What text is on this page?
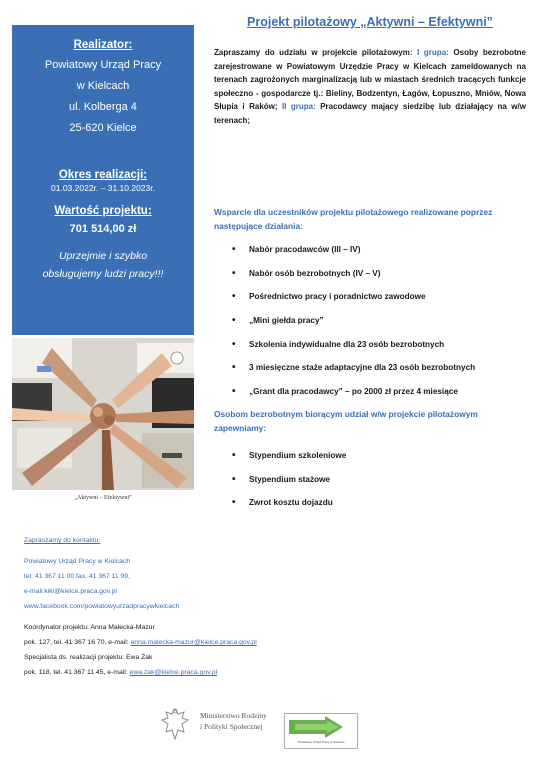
Projekt pilotażowy „Aktywni – Efektywni”
Realizator:
Powiatowy Urząd Pracy
w Kielcach
ul. Kolberga 4
25-620 Kielce
Okres realizacji:
01.03.2022r. – 31.10.2023r.
Wartość projektu:
701 514,00 zł
Uprzejmie i szybko
obsługujemy ludzi pracy!!!
„Aktywni – Efektywni”
Zapraszamy do udziału w projekcie pilotażowym: I grupa: Osoby bezrobotne zarejestrowane w Powiatowym Urzędzie Pracy w Kielcach zameldowanych na terenach zagrożonych marginalizacją lub w miastach średnich tracących funkcje społeczno - gospodarcze tj.: Bieliny, Bodzentyn, Łagów, Łopuszno, Mniów, Nowa Słupia i Raków; II grupa: Pracodawcy mający siedzibę lub działający na w/w terenach;
Wsparcie dla uczestników projektu pilotażowego realizowane poprzez następujące działania:
• Nabór pracodawców (III – IV)
• Nabór osób bezrobotnych (IV – V)
• Pośrednictwo pracy i poradnictwo zawodowe
• „Mini giełda pracy”
• Szkolenia indywidualne dla 23 osób bezrobotnych
• 3 miesięczne staże adaptacyjne dla 23 osób bezrobotnych
• „Grant dla pracodawcy” – po 2000 zł przez 4 miesiące
Osobom bezrobotnym biorącym udział w/w projekcie pilotażowym zapewniamy:
• Stypendium szkoleniowe
• Stypendium stażowe
• Zwrot kosztu dojazdu
Zapraszamy do kontaktu:
Powiatowy Urząd Pracy w Kielcach
tel. 41 367 11 00 fax. 41 367 11 99,
e-mail:kiki@kielce.praca.gov.pl
www.facebook.com/powiatowyurzadpracywkielcach
Koordynator projektu: Anna Małecka-Mazur
pok. 127, tel. 41 367 16 70, e-mail: anna.malecka-mazur@kielce.praca.gov.pl
Specjalista ds. realizacji projektu: Ewa Żak
pok. 118, tel. 41 367 11 45, e-mail: ewa.zak@kielce.praca.gov.pl
Ministerstwo Rodziny
i Polityki Społecznej
Powiatowy Urząd Pracy w Kielcach
